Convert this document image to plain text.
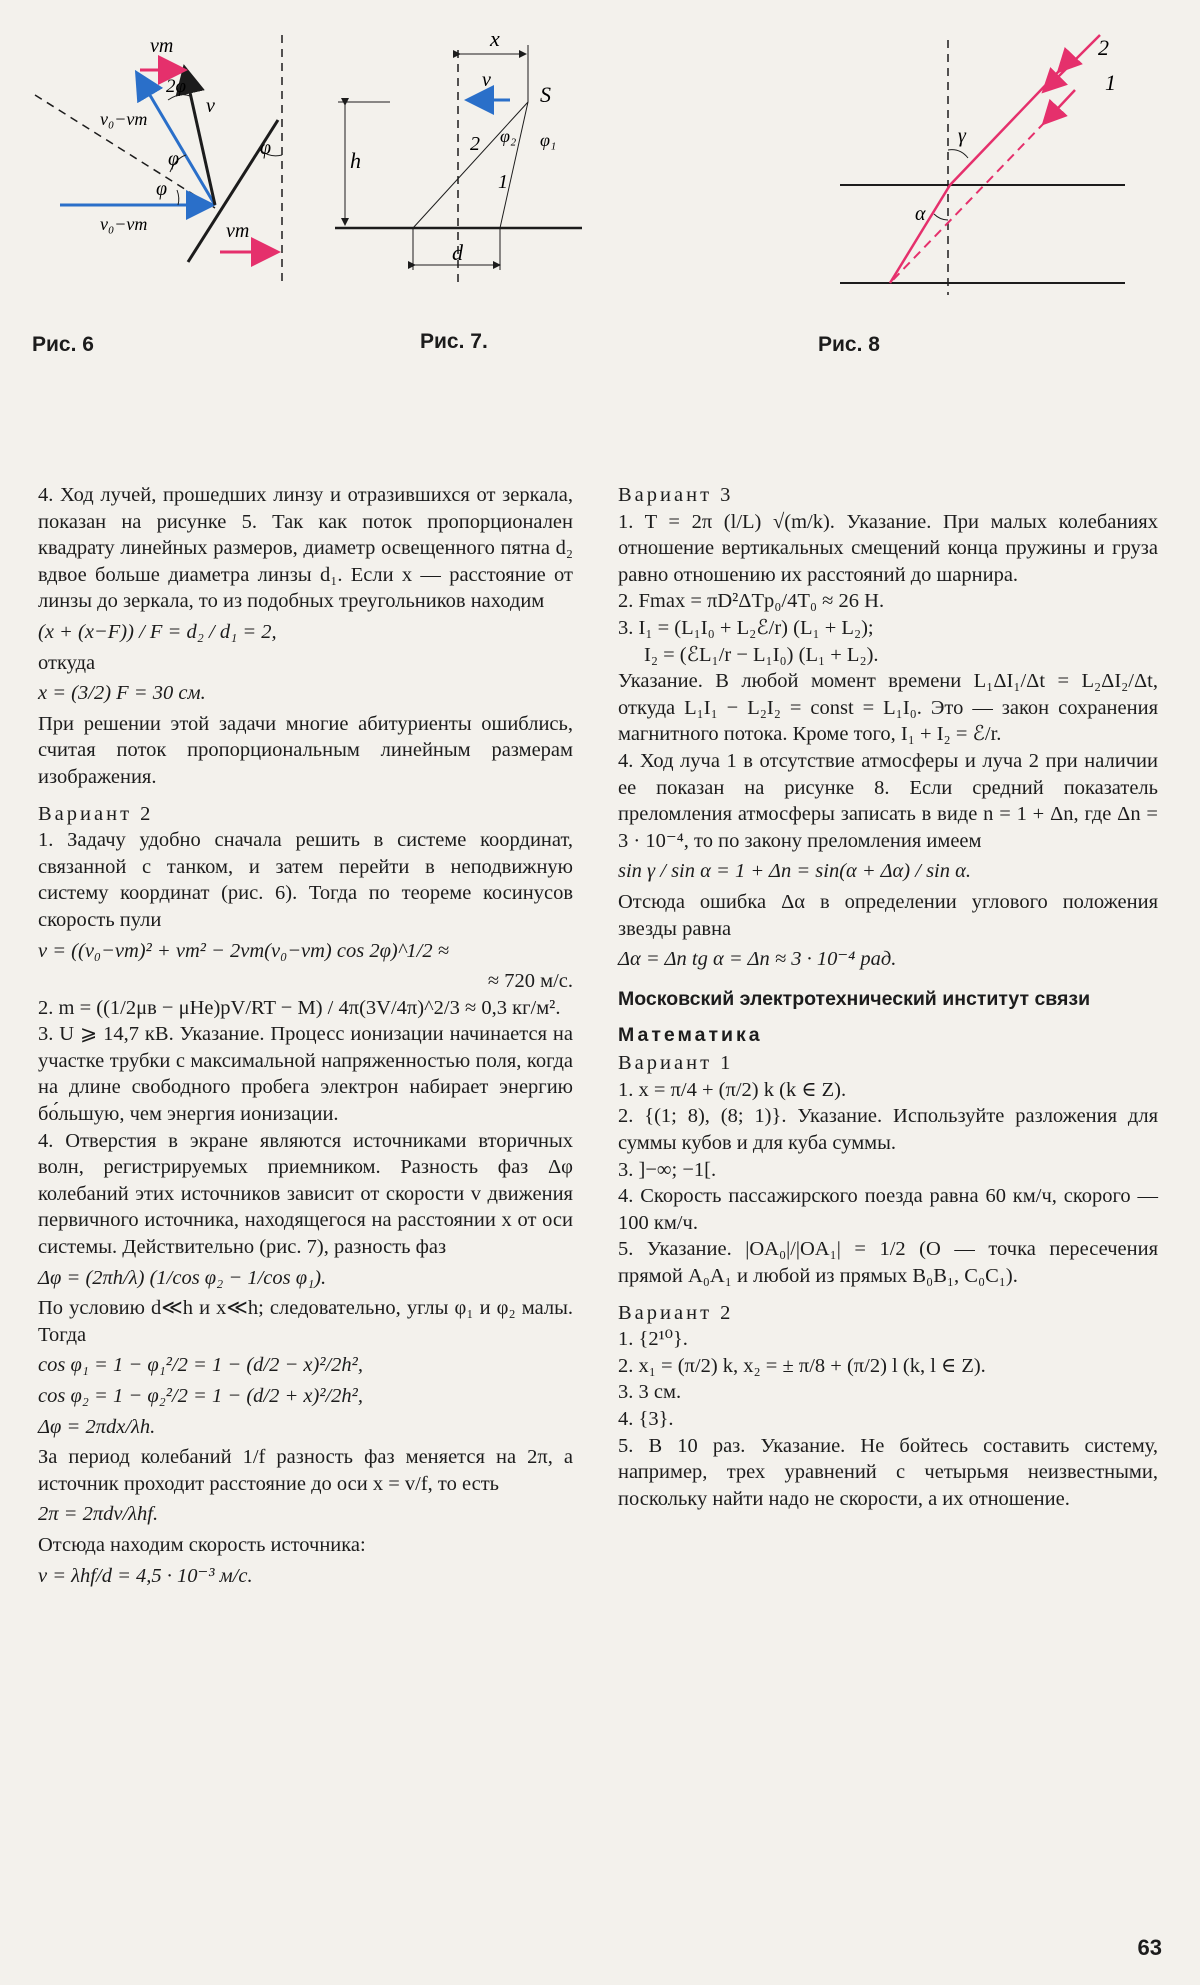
vт
v₀−vт
2φ
v
φ
φ
φ
v₀−vт	vт
Рис. 6
x
v
S
h
2 φ₂ φ₁
1
d
Рис. 7.
2
1
γ
α
Рис. 8

4. Ход лучей, прошедших линзу и отразившихся от зеркала, показан на рисунке 5. Так как поток пропорционален квадрату линейных размеров, диаметр освещенного пятна d₂ вдвое больше диаметра линзы d₁. Если x — расстояние от линзы до зеркала, то из подобных треугольников находим

(x + (x−F)) / F = d₂ / d₁ = 2,

откуда

x = (3/2) F = 30 см.

При решении этой задачи многие абитуриенты ошиблись, считая поток пропорциональным линейным размерам изображения.

Вариант 2

1. Задачу удобно сначала решить в системе координат, связанной с танком, и затем перейти в неподвижную систему координат (рис. 6). Тогда по теореме косинусов скорость пули

v = ((v₀−vт)² + vт² − 2vт(v₀−vт) cos 2φ)^1/2 ≈

≈ 720 м/с.

2. m = ((1/2μв − μHe)pV/RT − M) / 4π(3V/4π)^2/3 ≈ 0,3 кг/м².

3. U ⩾ 14,7 кВ. Указание. Процесс ионизации начинается на участке трубки с максимальной напряженностью поля, когда на длине свободного пробега электрон набирает энергию бо́льшую, чем энергия ионизации.

4. Отверстия в экране являются источниками вторичных волн, регистрируемых приемником. Разность фаз Δφ колебаний этих источников зависит от скорости v движения первичного источника, находящегося на расстоянии x от оси системы. Действительно (рис. 7), разность фаз

Δφ = (2πh/λ) (1/cos φ₂ − 1/cos φ₁).

По условию d≪h и x≪h; следовательно, углы φ₁ и φ₂ малы. Тогда

cos φ₁ = 1 − φ₁²/2 = 1 − (d/2 − x)²/2h²,

cos φ₂ = 1 − φ₂²/2 = 1 − (d/2 + x)²/2h²,

Δφ = 2πdx/λh.

За период колебаний 1/f разность фаз меняется на 2π, а источник проходит расстояние до оси x = v/f, то есть

2π = 2πdv/λhf.

Отсюда находим скорость источника:

v = λhf/d = 4,5 · 10⁻³ м/с.

Вариант 3

1. T = 2π (l/L) √(m/k). Указание. При малых колебаниях отношение вертикальных смещений конца пружины и груза равно отношению их расстояний до шарнира.

2. Fmax = πD²ΔTp₀/4T₀ ≈ 26 Н.

3. I₁ = (L₁I₀ + L₂ℰ/r) (L₁ + L₂);

I₂ = (ℰL₁/r − L₁I₀) (L₁ + L₂).

Указание. В любой момент времени L₁ΔI₁/Δt = L₂ΔI₂/Δt, откуда L₁I₁ − L₂I₂ = const = L₁I₀. Это — закон сохранения магнитного потока. Кроме того, I₁ + I₂ = ℰ/r.

4. Ход луча 1 в отсутствие атмосферы и луча 2 при наличии ее показан на рисунке 8. Если средний показатель преломления атмосферы записать в виде n = 1 + Δn, где Δn = 3 · 10⁻⁴, то по закону преломления имеем

sin γ / sin α = 1 + Δn = sin(α + Δα) / sin α.

Отсюда ошибка Δα в определении углового положения звезды равна

Δα = Δn tg α = Δn ≈ 3 · 10⁻⁴ рад.

Московский электротехнический институт связи

Математика

Вариант 1

1. x = π/4 + (π/2) k (k ∈ Z).

2. {(1; 8), (8; 1)}. Указание. Используйте разложения для суммы кубов и для куба суммы.

3. ]−∞; −1[.

4. Скорость пассажирского поезда равна 60 км/ч, скорого — 100 км/ч.

5. Указание. |OA₀|/|OA₁| = 1/2 (O — точка пересечения прямой A₀A₁ и любой из прямых B₀B₁, C₀C₁).

Вариант 2

1. {2¹⁰}.

2. x₁ = (π/2) k, x₂ = ± π/8 + (π/2) l (k, l ∈ Z).

3. 3 см.

4. {3}.

5. В 10 раз. Указание. Не бойтесь составить систему, например, трех уравнений с четырьмя неизвестными, поскольку найти надо не скорости, а их отношение.

63
